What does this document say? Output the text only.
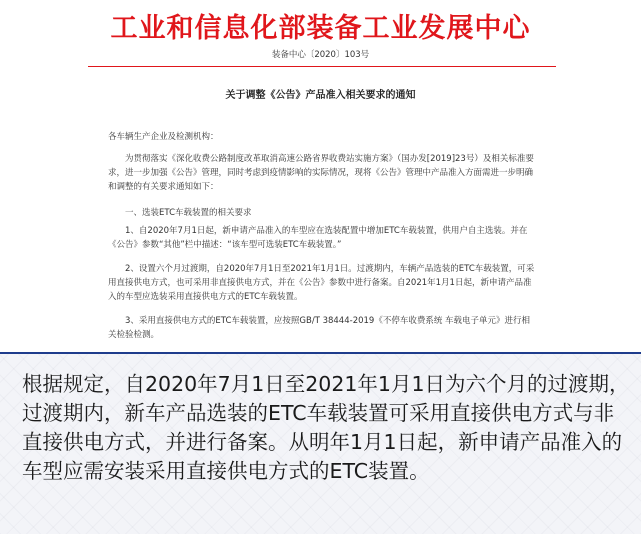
工业和信息化部装备工业发展中心
装备中心〔2020〕103号
关于调整《公告》产品准入相关要求的通知

各车辆生产企业及检测机构：

为贯彻落实《深化收费公路制度改革取消高速公路省界收费站实施方案》（国办发[2019]23号）及相关标准要求，进一步加强《公告》管理，同时考虑到疫情影响的实际情况，现将《公告》管理中产品准入方面需进一步明确和调整的有关要求通知如下：

一、选装ETC车载装置的相关要求

1、自2020年7月1日起，新申请产品准入的车型应在选装配置中增加ETC车载装置，供用户自主选装。并在《公告》参数“其他”栏中描述：“该车型可选装ETC车载装置。”

2、设置六个月过渡期，自2020年7月1日至2021年1月1日。过渡期内，车辆产品选装的ETC车载装置，可采用直接供电方式，也可采用非直接供电方式，并在《公告》参数中进行备案。自2021年1月1日起，新申请产品准入的车型应选装采用直接供电方式的ETC车载装置。

3、采用直接供电方式的ETC车载装置，应按照GB/T 38444-2019《不停车收费系统 车载电子单元》进行相关检验检测。

根据规定，自2020年7月1日至2021年1月1日为六个月的过渡期，过渡期内，新车产品选装的ETC车载装置可采用直接供电方式与非直接供电方式，并进行备案。从明年1月1日起，新申请产品准入的车型应需安装采用直接供电方式的ETC装置。
